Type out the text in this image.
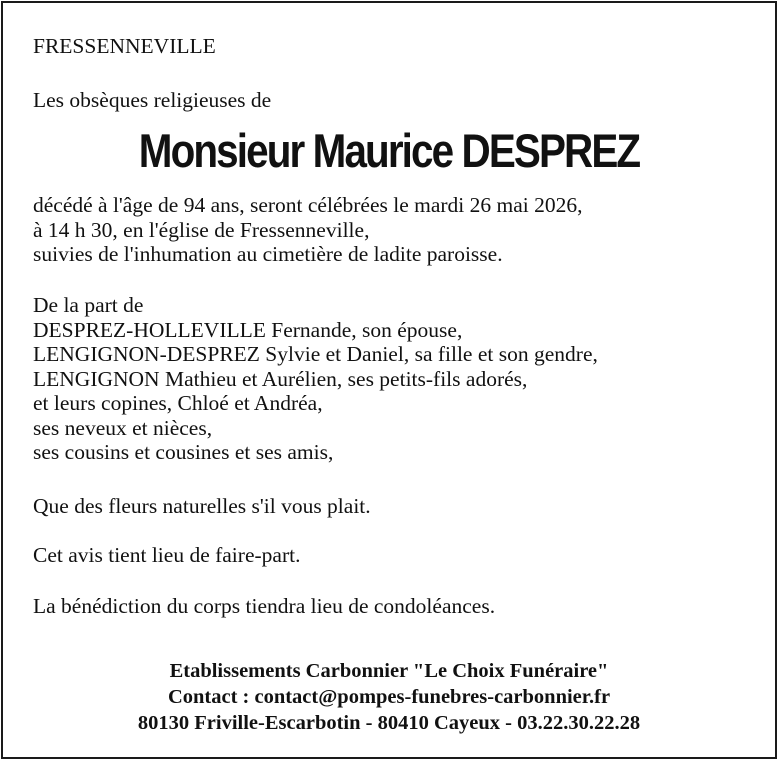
FRESSENNEVILLE

Les obsèques religieuses de

Monsieur Maurice DESPREZ

décédé à l'âge de 94 ans, seront célébrées le mardi 26 mai 2026,
à 14 h 30, en l'église de Fressenneville,
suivies de l'inhumation au cimetière de ladite paroisse.

De la part de
DESPREZ-HOLLEVILLE Fernande, son épouse,
LENGIGNON-DESPREZ Sylvie et Daniel, sa fille et son gendre,
LENGIGNON Mathieu et Aurélien, ses petits-fils adorés,
et leurs copines, Chloé et Andréa,
ses neveux et nièces,
ses cousins et cousines et ses amis,

Que des fleurs naturelles s'il vous plait.

Cet avis tient lieu de faire-part.

La bénédiction du corps tiendra lieu de condoléances.

Etablissements Carbonnier "Le Choix Funéraire"
Contact : contact@pompes-funebres-carbonnier.fr
80130 Friville-Escarbotin - 80410 Cayeux - 03.22.30.22.28
